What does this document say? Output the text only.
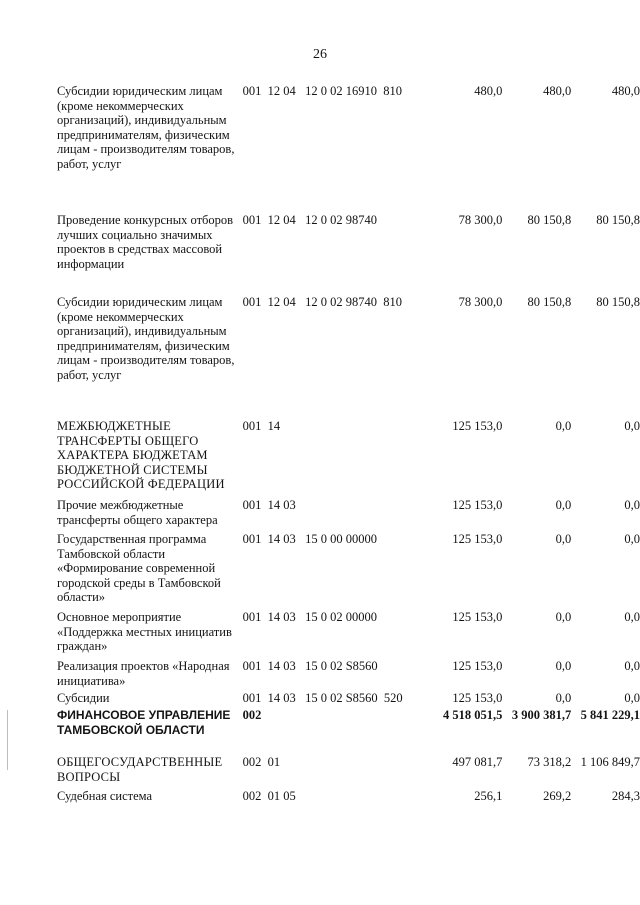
26
Субсидии юридическим лицам (кроме некоммерческих организаций), индивидуальным предпринимателям, физическим лицам - производителям товаров, работ, услуг	001  12 04   12 0 02 16910  810	480,0	480,0	480,0
Проведение конкурсных отборов лучших социально значимых проектов в средствах массовой информации	001  12 04   12 0 02 98740	78 300,0	80 150,8	80 150,8
Субсидии юридическим лицам (кроме некоммерческих организаций), индивидуальным предпринимателям, физическим лицам - производителям товаров, работ, услуг	001  12 04   12 0 02 98740  810	78 300,0	80 150,8	80 150,8
МЕЖБЮДЖЕТНЫЕ ТРАНСФЕРТЫ ОБЩЕГО ХАРАКТЕРА БЮДЖЕТАМ БЮДЖЕТНОЙ СИСТЕМЫ РОССИЙСКОЙ ФЕДЕРАЦИИ	001  14	125 153,0	0,0	0,0
Прочие межбюджетные трансферты общего характера	001  14 03	125 153,0	0,0	0,0
Государственная программа Тамбовской области «Формирование современной городской среды в Тамбовской области»	001  14 03   15 0 00 00000	125 153,0	0,0	0,0
Основное мероприятие «Поддержка местных инициатив граждан»	001  14 03   15 0 02 00000	125 153,0	0,0	0,0
Реализация проектов «Народная инициатива»	001  14 03   15 0 02 S8560	125 153,0	0,0	0,0
Субсидии	001  14 03   15 0 02 S8560  520	125 153,0	0,0	0,0
ФИНАНСОВОЕ УПРАВЛЕНИЕ ТАМБОВСКОЙ ОБЛАСТИ	002	4 518 051,5	3 900 381,7	5 841 229,1
ОБЩЕГОСУДАРСТВЕННЫЕ ВОПРОСЫ	002  01	497 081,7	73 318,2	1 106 849,7
Судебная система	002  01 05	256,1	269,2	284,3
